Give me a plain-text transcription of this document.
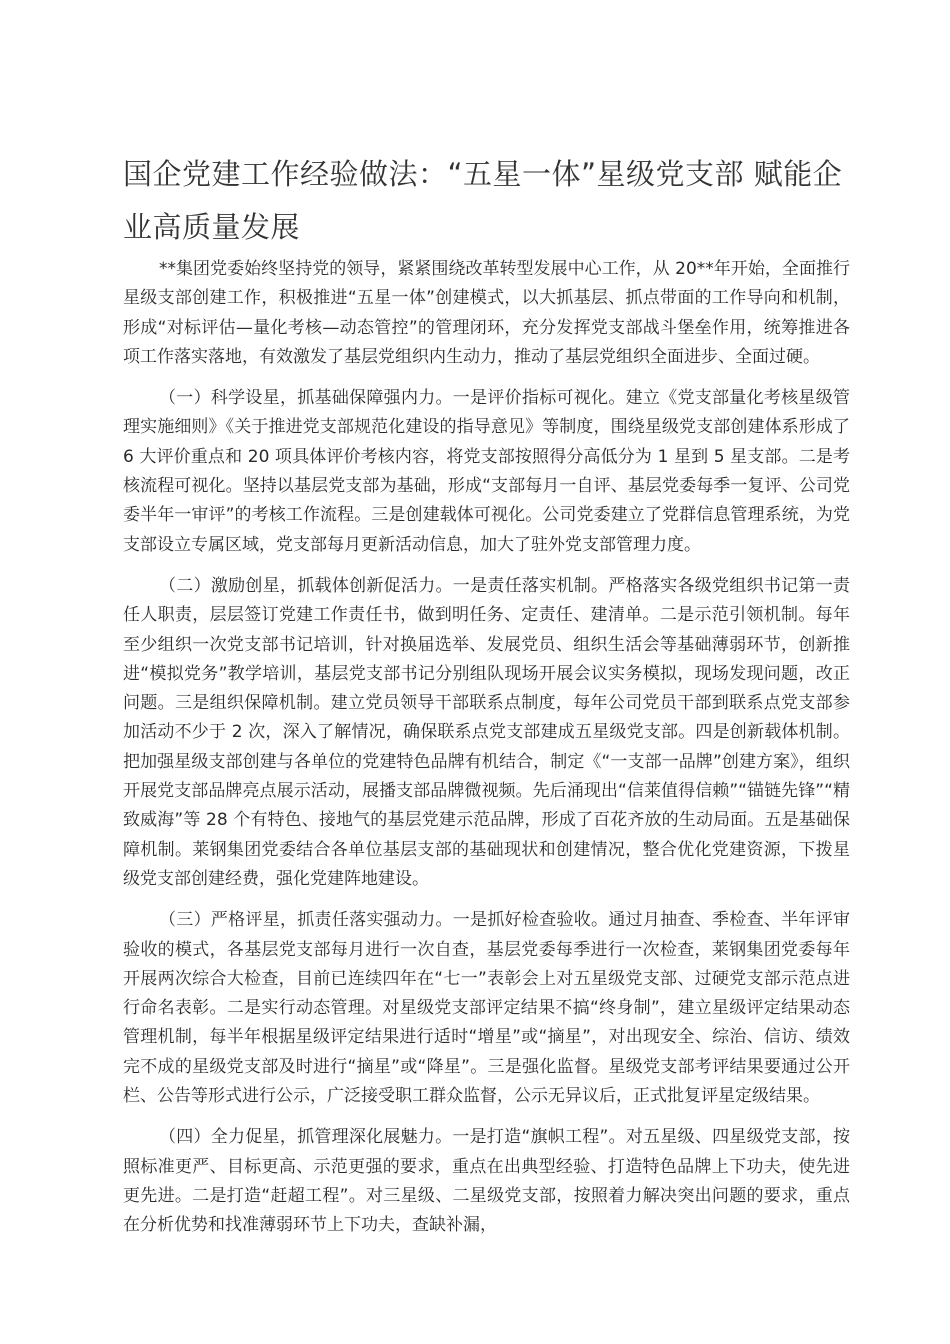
国企党建工作经验做法：“五星一体”星级党支部 赋能企业高质量发展

**集团党委始终坚持党的领导，紧紧围绕改革转型发展中心工作，从 20**年开始，全面推行星级支部创建工作，积极推进“五星一体”创建模式，以大抓基层、抓点带面的工作导向和机制，形成“对标评估—量化考核—动态管控”的管理闭环，充分发挥党支部战斗堡垒作用，统筹推进各项工作落实落地，有效激发了基层党组织内生动力，推动了基层党组织全面进步、全面过硬。

（一）科学设星，抓基础保障强内力。一是评价指标可视化。建立《党支部量化考核星级管理实施细则》《关于推进党支部规范化建设的指导意见》等制度，围绕星级党支部创建体系形成了 6 大评价重点和 20 项具体评价考核内容，将党支部按照得分高低分为 1 星到 5 星支部。二是考核流程可视化。坚持以基层党支部为基础，形成“支部每月一自评、基层党委每季一复评、公司党委半年一审评”的考核工作流程。三是创建载体可视化。公司党委建立了党群信息管理系统，为党支部设立专属区域，党支部每月更新活动信息，加大了驻外党支部管理力度。

（二）激励创星，抓载体创新促活力。一是责任落实机制。严格落实各级党组织书记第一责任人职责，层层签订党建工作责任书，做到明任务、定责任、建清单。二是示范引领机制。每年至少组织一次党支部书记培训，针对换届选举、发展党员、组织生活会等基础薄弱环节，创新推进“模拟党务”教学培训，基层党支部书记分别组队现场开展会议实务模拟，现场发现问题，改正问题。三是组织保障机制。建立党员领导干部联系点制度，每年公司党员干部到联系点党支部参加活动不少于 2 次，深入了解情况，确保联系点党支部建成五星级党支部。四是创新载体机制。把加强星级支部创建与各单位的党建特色品牌有机结合，制定《“一支部一品牌”创建方案》，组织开展党支部品牌亮点展示活动，展播支部品牌微视频。先后涌现出“信莱值得信赖”“锚链先锋”“精致威海”等 28 个有特色、接地气的基层党建示范品牌，形成了百花齐放的生动局面。五是基础保障机制。莱钢集团党委结合各单位基层支部的基础现状和创建情况，整合优化党建资源，下拨星级党支部创建经费，强化党建阵地建设。

（三）严格评星，抓责任落实强动力。一是抓好检查验收。通过月抽查、季检查、半年评审验收的模式，各基层党支部每月进行一次自查，基层党委每季进行一次检查，莱钢集团党委每年开展两次综合大检查，目前已连续四年在“七一”表彰会上对五星级党支部、过硬党支部示范点进行命名表彰。二是实行动态管理。对星级党支部评定结果不搞“终身制”，建立星级评定结果动态管理机制，每半年根据星级评定结果进行适时“增星”或“摘星”，对出现安全、综治、信访、绩效完不成的星级党支部及时进行“摘星”或“降星”。三是强化监督。星级党支部考评结果要通过公开栏、公告等形式进行公示，广泛接受职工群众监督，公示无异议后，正式批复评星定级结果。

（四）全力促星，抓管理深化展魅力。一是打造“旗帜工程”。对五星级、四星级党支部，按照标准更严、目标更高、示范更强的要求，重点在出典型经验、打造特色品牌上下功夫，使先进更先进。二是打造“赶超工程”。对三星级、二星级党支部，按照着力解决突出问题的要求，重点在分析优势和找准薄弱环节上下功夫，查缺补漏，
